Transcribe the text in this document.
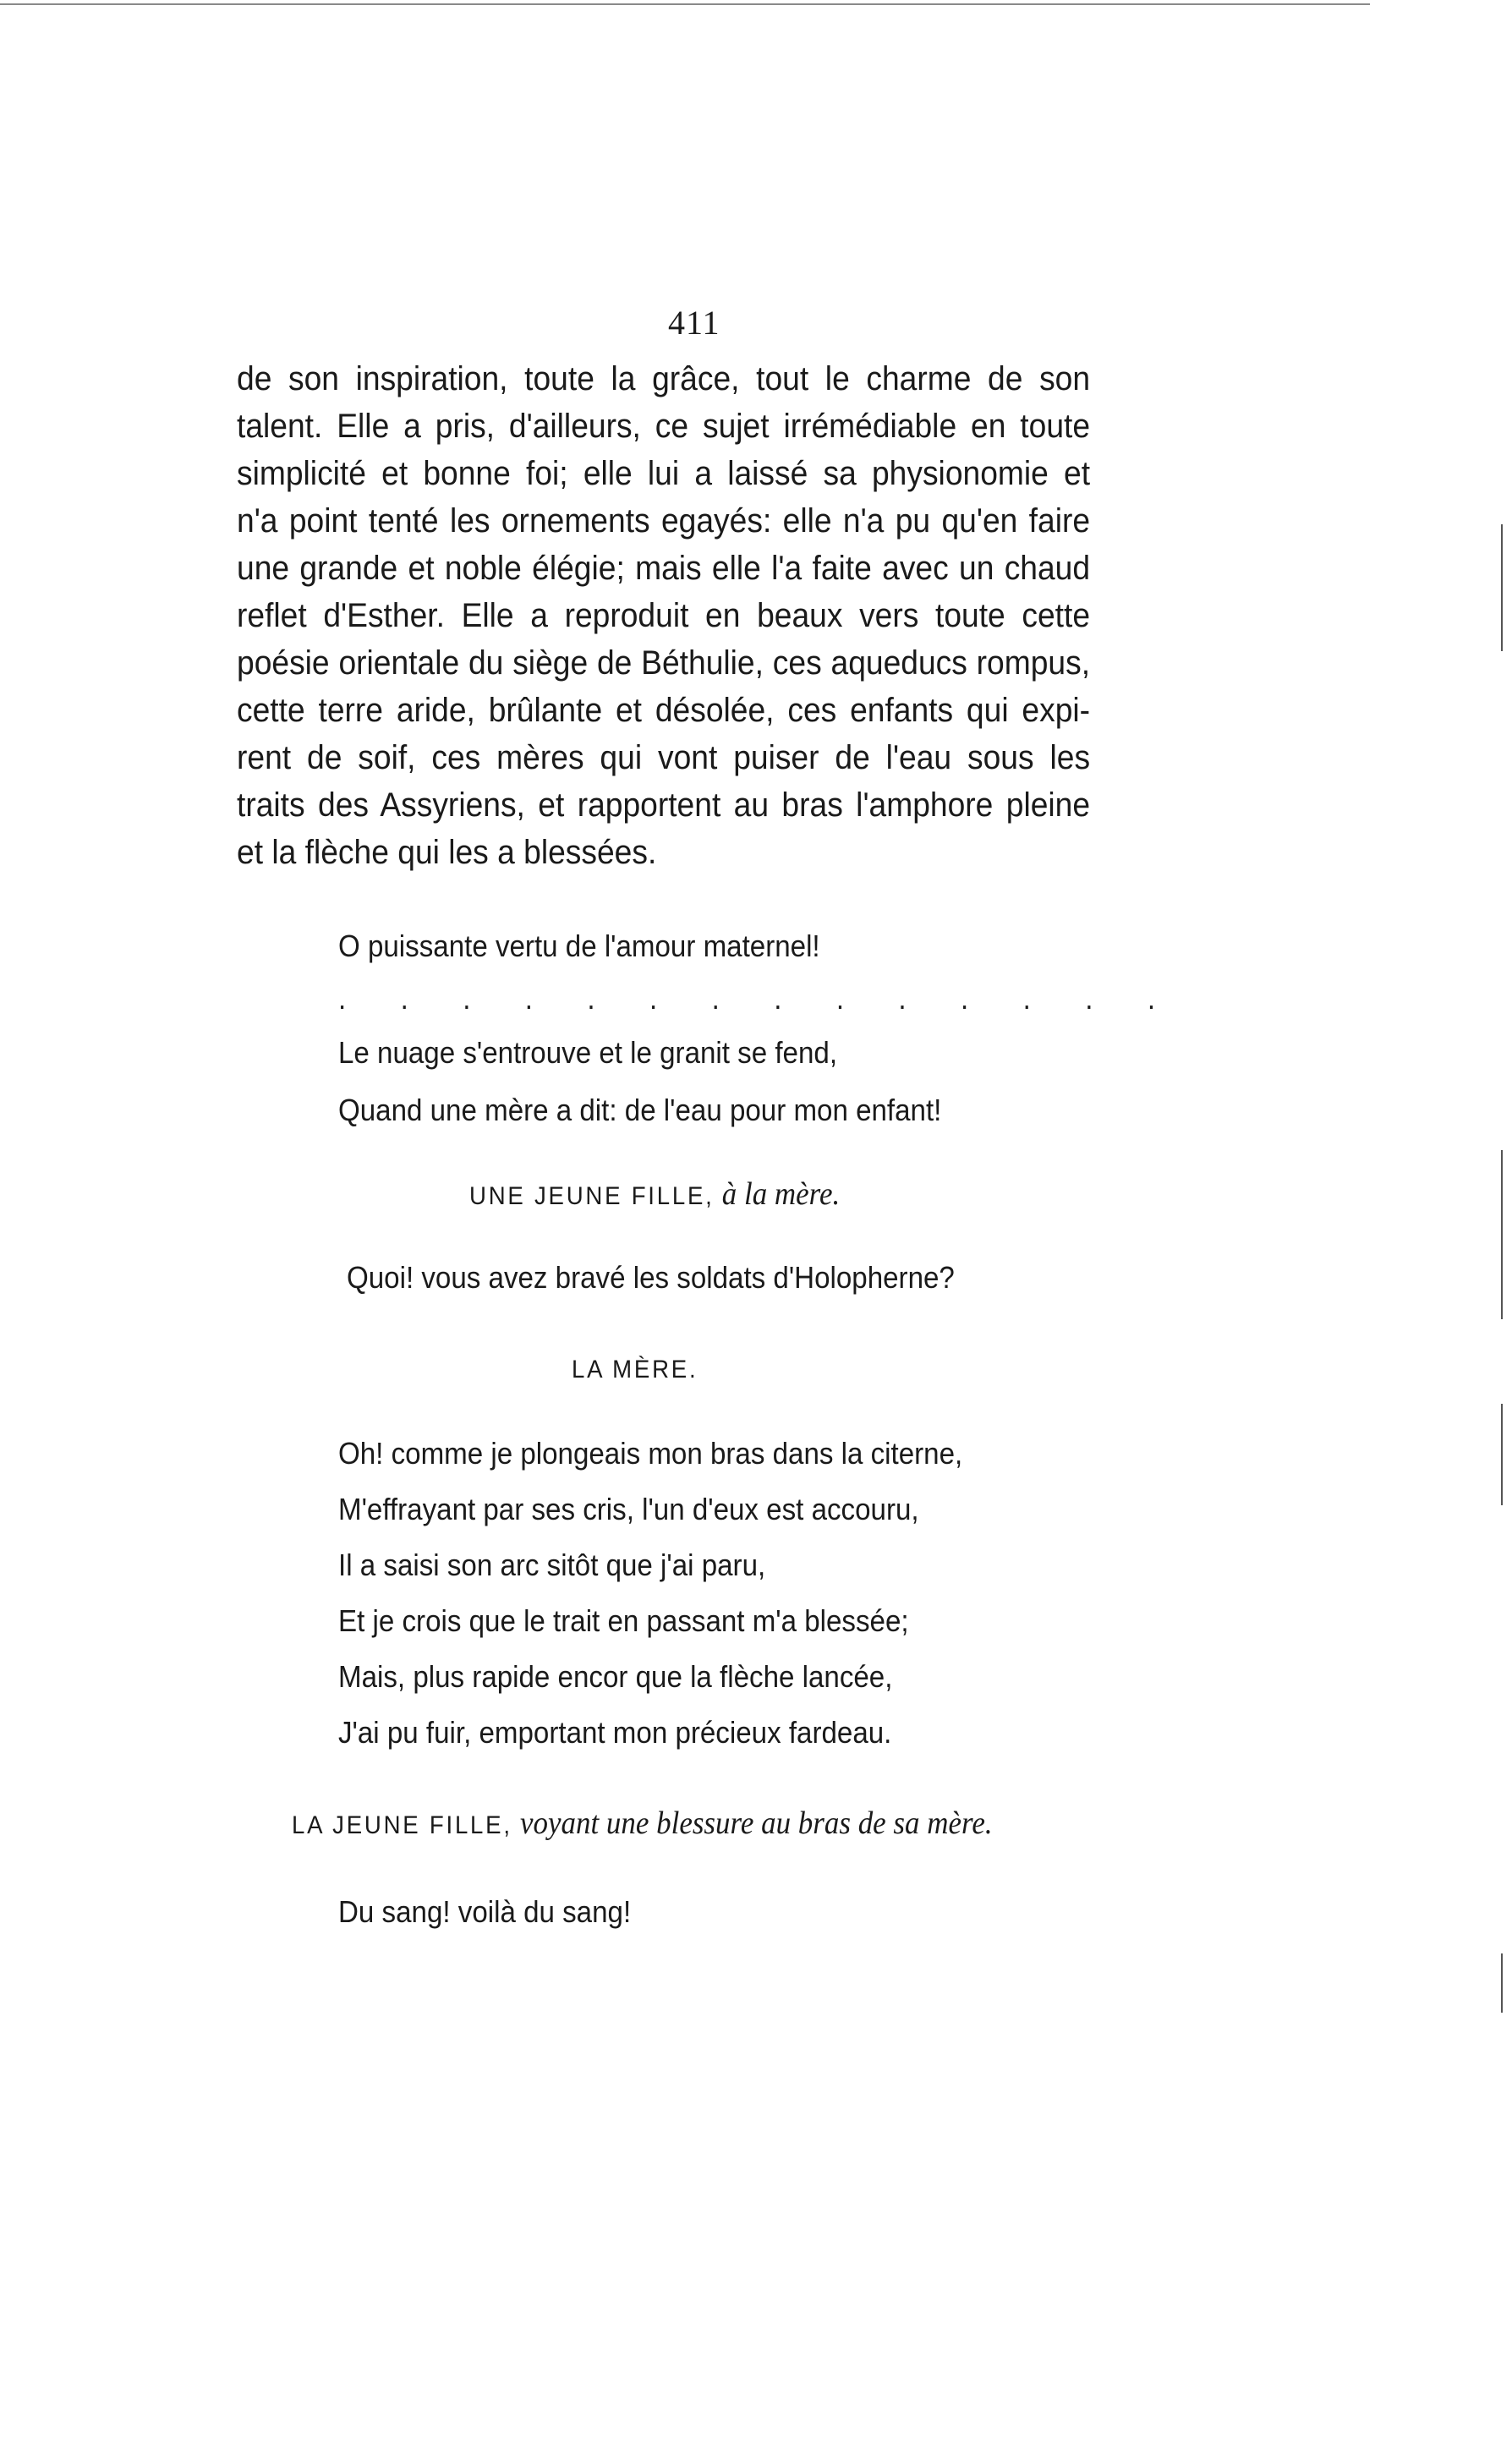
411
de son inspiration, toute la grâce, tout le charme de son
talent. Elle a pris, d'ailleurs, ce sujet irrémédiable en toute
simplicité et bonne foi; elle lui a laissé sa physionomie et
n'a point tenté les ornements egayés: elle n'a pu qu'en faire
une grande et noble élégie; mais elle l'a faite avec un chaud
reflet d'Esther. Elle a reproduit en beaux vers toute cette
poésie orientale du siège de Béthulie, ces aqueducs rompus,
cette terre aride, brûlante et désolée, ces enfants qui expi-
rent de soif, ces mères qui vont puiser de l'eau sous les
traits des Assyriens, et rapportent au bras l'amphore pleine
et la flèche qui les a blessées.
O puissante vertu de l'amour maternel!
. . . . . . . . . . . . . .
Le nuage s'entrouve et le granit se fend,
Quand une mère a dit: de l'eau pour mon enfant!
UNE JEUNE FILLE, à la mère.
Quoi! vous avez bravé les soldats d'Holopherne?
LA MÈRE.
Oh! comme je plongeais mon bras dans la citerne,
M'effrayant par ses cris, l'un d'eux est accouru,
Il a saisi son arc sitôt que j'ai paru,
Et je crois que le trait en passant m'a blessée;
Mais, plus rapide encor que la flèche lancée,
J'ai pu fuir, emportant mon précieux fardeau.
LA JEUNE FILLE, voyant une blessure au bras de sa mère.
Du sang! voilà du sang!
